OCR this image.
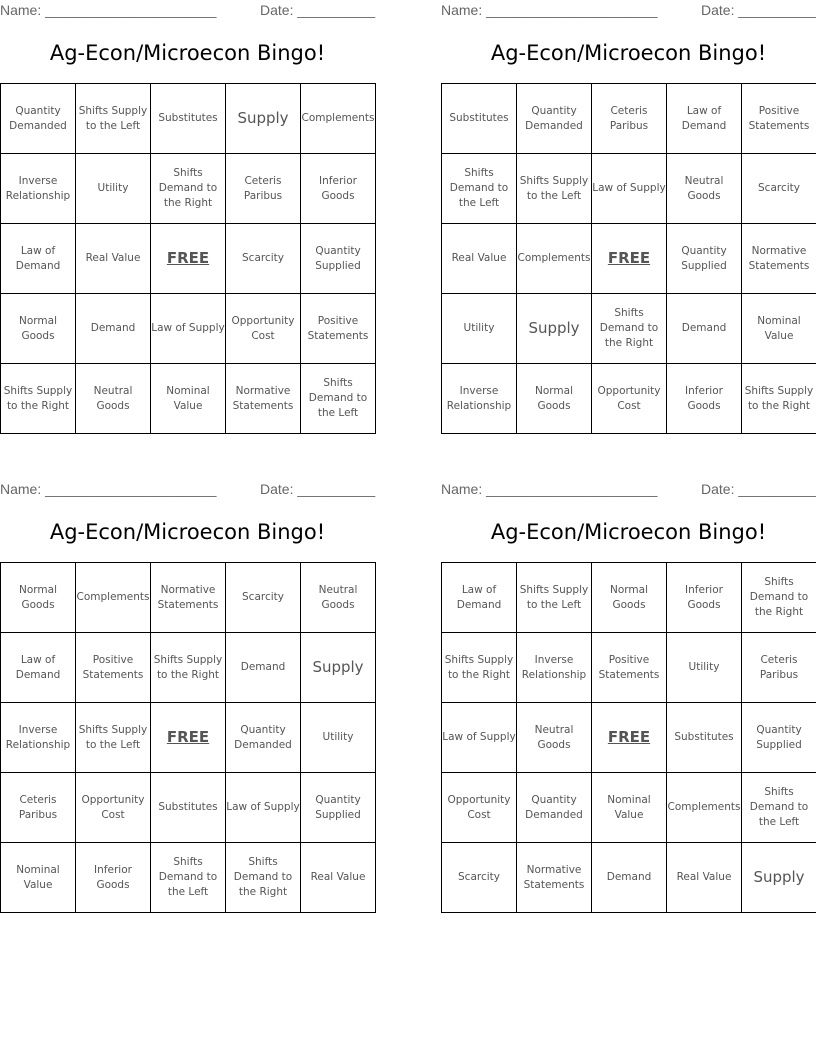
Name: ______________________	Date: __________
Ag-Econ/Microecon Bingo!
Quantity Demanded	Shifts Supply to the Left	Substitutes	Supply	Complements
Inverse Relationship	Utility	Shifts Demand to the Right	Ceteris Paribus	Inferior Goods
Law of Demand	Real Value	FREE	Scarcity	Quantity Supplied
Normal Goods	Demand	Law of Supply	Opportunity Cost	Positive Statements
Shifts Supply to the Right	Neutral Goods	Nominal Value	Normative Statements	Shifts Demand to the Left
Name: ______________________	Date: __________
Ag-Econ/Microecon Bingo!
Substitutes	Quantity Demanded	Ceteris Paribus	Law of Demand	Positive Statements
Shifts Demand to the Left	Shifts Supply to the Left	Law of Supply	Neutral Goods	Scarcity
Real Value	Complements	FREE	Quantity Supplied	Normative Statements
Utility	Supply	Shifts Demand to the Right	Demand	Nominal Value
Inverse Relationship	Normal Goods	Opportunity Cost	Inferior Goods	Shifts Supply to the Right
Name: ______________________	Date: __________
Ag-Econ/Microecon Bingo!
Normal Goods	Complements	Normative Statements	Scarcity	Neutral Goods
Law of Demand	Positive Statements	Shifts Supply to the Right	Demand	Supply
Inverse Relationship	Shifts Supply to the Left	FREE	Quantity Demanded	Utility
Ceteris Paribus	Opportunity Cost	Substitutes	Law of Supply	Quantity Supplied
Nominal Value	Inferior Goods	Shifts Demand to the Left	Shifts Demand to the Right	Real Value
Name: ______________________	Date: __________
Ag-Econ/Microecon Bingo!
Law of Demand	Shifts Supply to the Left	Normal Goods	Inferior Goods	Shifts Demand to the Right
Shifts Supply to the Right	Inverse Relationship	Positive Statements	Utility	Ceteris Paribus
Law of Supply	Neutral Goods	FREE	Substitutes	Quantity Supplied
Opportunity Cost	Quantity Demanded	Nominal Value	Complements	Shifts Demand to the Left
Scarcity	Normative Statements	Demand	Real Value	Supply
